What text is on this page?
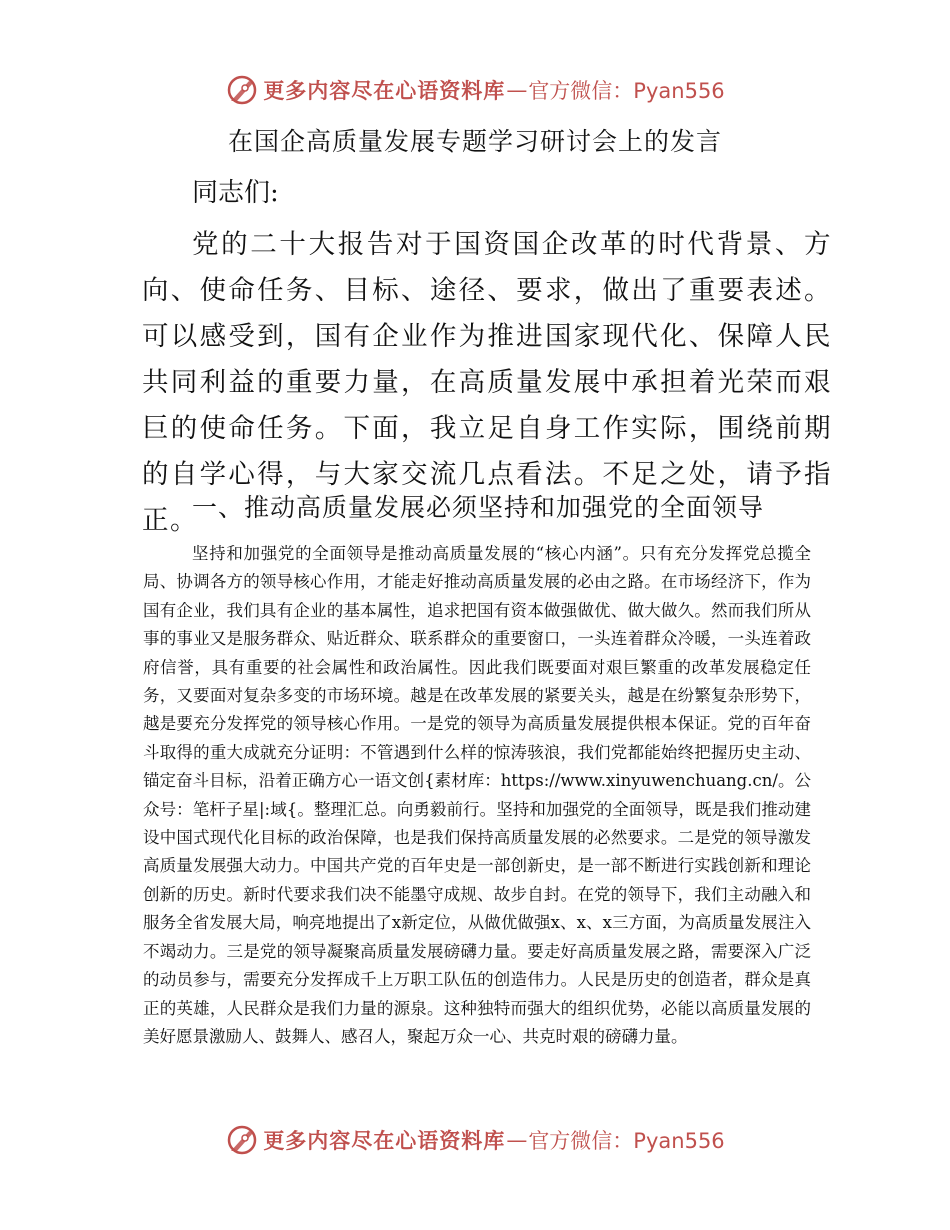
更多内容尽在心语资料库 — 官方微信：Pyan556
在国企高质量发展专题学习研讨会上的发言
同志们:

党的二十大报告对于国资国企改革的时代背景、方向、使命任务、目标、途径、要求，做出了重要表述。可以感受到，国有企业作为推进国家现代化、保障人民共同利益的重要力量，在高质量发展中承担着光荣而艰巨的使命任务。下面，我立足自身工作实际，围绕前期的自学心得，与大家交流几点看法。不足之处，请予指正。

一、推动高质量发展必须坚持和加强党的全面领导

坚持和加强党的全面领导是推动高质量发展的“核心内涵”。只有充分发挥党总揽全局、协调各方的领导核心作用，才能走好推动高质量发展的必由之路。在市场经济下，作为国有企业，我们具有企业的基本属性，追求把国有资本做强做优、做大做久。然而我们所从事的事业又是服务群众、贴近群众、联系群众的重要窗口，一头连着群众冷暖，一头连着政府信誉，具有重要的社会属性和政治属性。因此我们既要面对艰巨繁重的改革发展稳定任务，又要面对复杂多变的市场环境。越是在改革发展的紧要关头，越是在纷繁复杂形势下，越是要充分发挥党的领导核心作用。一是党的领导为高质量发展提供根本保证。党的百年奋斗取得的重大成就充分证明：不管遇到什么样的惊涛骇浪，我们党都能始终把握历史主动、锚定奋斗目标，沿着正确方心一语文创{素材库：https://www.xinyuwenchuang.cn/。公众号：笔杆子星|:域{。整理汇总。向勇毅前行。坚持和加强党的全面领导，既是我们推动建设中国式现代化目标的政治保障，也是我们保持高质量发展的必然要求。二是党的领导激发高质量发展强大动力。中国共产党的百年史是一部创新史，是一部不断进行实践创新和理论创新的历史。新时代要求我们决不能墨守成规、故步自封。在党的领导下，我们主动融入和服务全省发展大局，响亮地提出了x新定位，从做优做强x、x、x三方面，为高质量发展注入不竭动力。三是党的领导凝聚高质量发展磅礴力量。要走好高质量发展之路，需要深入广泛的动员参与，需要充分发挥成千上万职工队伍的创造伟力。人民是历史的创造者，群众是真正的英雄，人民群众是我们力量的源泉。这种独特而强大的组织优势，必能以高质量发展的美好愿景激励人、鼓舞人、感召人，聚起万众一心、共克时艰的磅礴力量。

更多内容尽在心语资料库 — 官方微信：Pyan556
